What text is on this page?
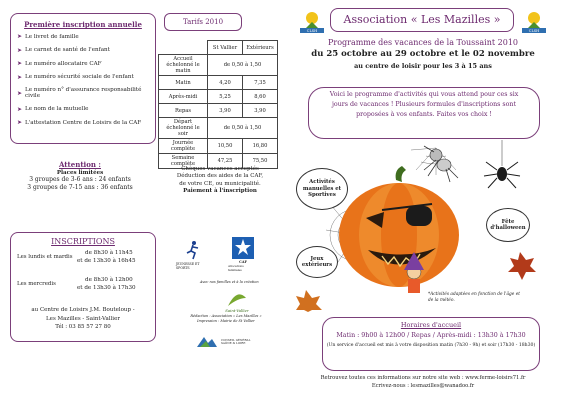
Première inscription annuelle
➤ Le livret de famille
➤ Le carnet de santé de l'enfant
➤ Le numéro allocataire CAF
➤ Le numéro sécurité sociale de l'enfant
➤ Le numéro n° d'assurance responsabilité civile
➤ Le nom de la mutuelle
➤ L'attestation Centre de Loisirs de la CAF
Tarifs 2010
	St Vallier	Extérieurs
Accueil échelonné le matin	de 0,50 à 1,50	
Matin	4,20	7,35
Après-midi	5,25	8,60
Repas	3,90	3,90
Départ échelonné le soir	de 0,50 à 1,50	
Journée complète	10,50	16,80
Semaine complète	47,25	75,50
Attention :
Places limitées
3 groupes de 3-6 ans : 24 enfants
3 groupes de 7-15 ans : 36 enfants
Chèques vacances acceptés
Déduction des aides de la CAF,
de votre CE, ou municipalité.
Paiement à l'inscription
INSCRIPTIONS
Les lundis et mardis
de 8h30 à 11h45
et de 13h30 à 16h45
Les mercredis
de 8h30 à 12h00
et de 13h30 à 17h30
au Centre de Loisirs J.M. Bouteloup -
Les Mazilles - Saint-Vallier
Tél : 03 85 57 27 80
JEUNESSE ET SPORTS
CAF
Allocations familiales
Avec nos familles et à la création
Saint-Vallier
Rédaction : Association « Les Mazilles »
Impression : Mairie de St Vallier
CONSEIL GÉNÉRAL SAÔNE & LOIRE
CLSH
Association « Les Mazilles »
CLSH
Programme des vacances de la Toussaint 2010
du 25 octobre au 29 octobre et le 02 novembre
au centre de loisir pour les 3 à 15 ans
Voici le programme d'activités qui vous attend pour ces six
jours de vacances ! Plusieurs formules d'inscriptions sont
proposées à vos enfants. Faites vos choix !
Activités manuelles et Sportives
Fête d'halloween
Jeux extérieurs
*Activités adaptées en fonction de l'âge et de la météo.
Horaires d'accueil
Matin : 9h00 à 12h00 / Repas / Après-midi : 13h30 à 17h30
(Un service d'accueil est mis à votre disposition matin (7h30 - 9h) et soir (17h30 - 18h30)
Retrouvez toutes ces informations sur notre site web : www.ferme-loisirs71.fr
Ecrivez-nous : lesmazilles@wanadoo.fr
